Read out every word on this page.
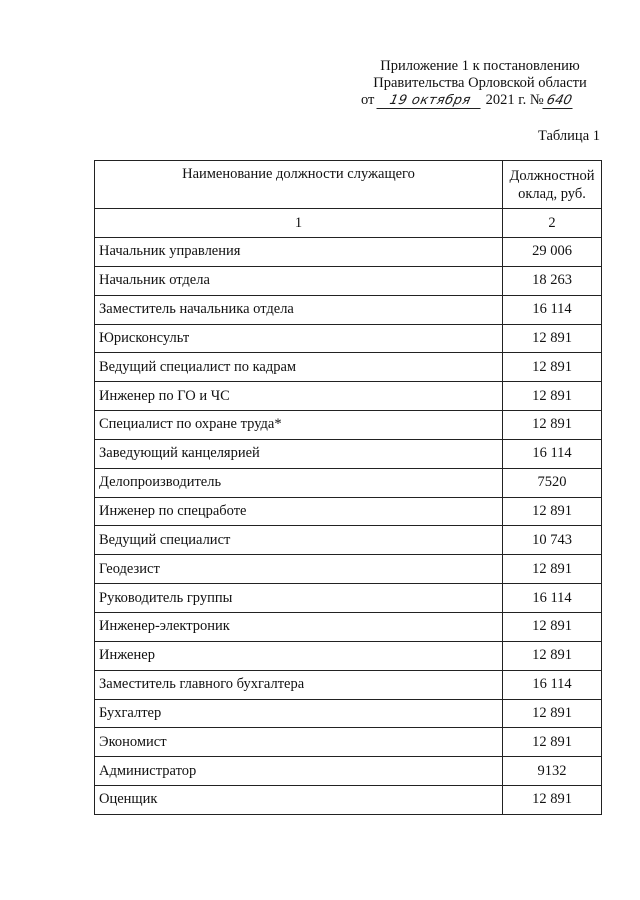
Приложение 1 к постановлению
Правительства Орловской области
от 19 октября 2021 г. №640
Таблица 1
Наименование должности служащего	Должностной
оклад, руб.

1	2
Начальник управления	29 006
Начальник отдела	18 263
Заместитель начальника отдела	16 114
Юрисконсульт	12 891
Ведущий специалист по кадрам	12 891
Инженер по ГО и ЧС	12 891
Специалист по охране труда*	12 891
Заведующий канцелярией	16 114
Делопроизводитель	7520
Инженер по спецработе	12 891
Ведущий специалист	10 743
Геодезист	12 891
Руководитель группы	16 114
Инженер-электроник	12 891
Инженер	12 891
Заместитель главного бухгалтера	16 114
Бухгалтер	12 891
Экономист	12 891
Администратор	9132
Оценщик	12 891
